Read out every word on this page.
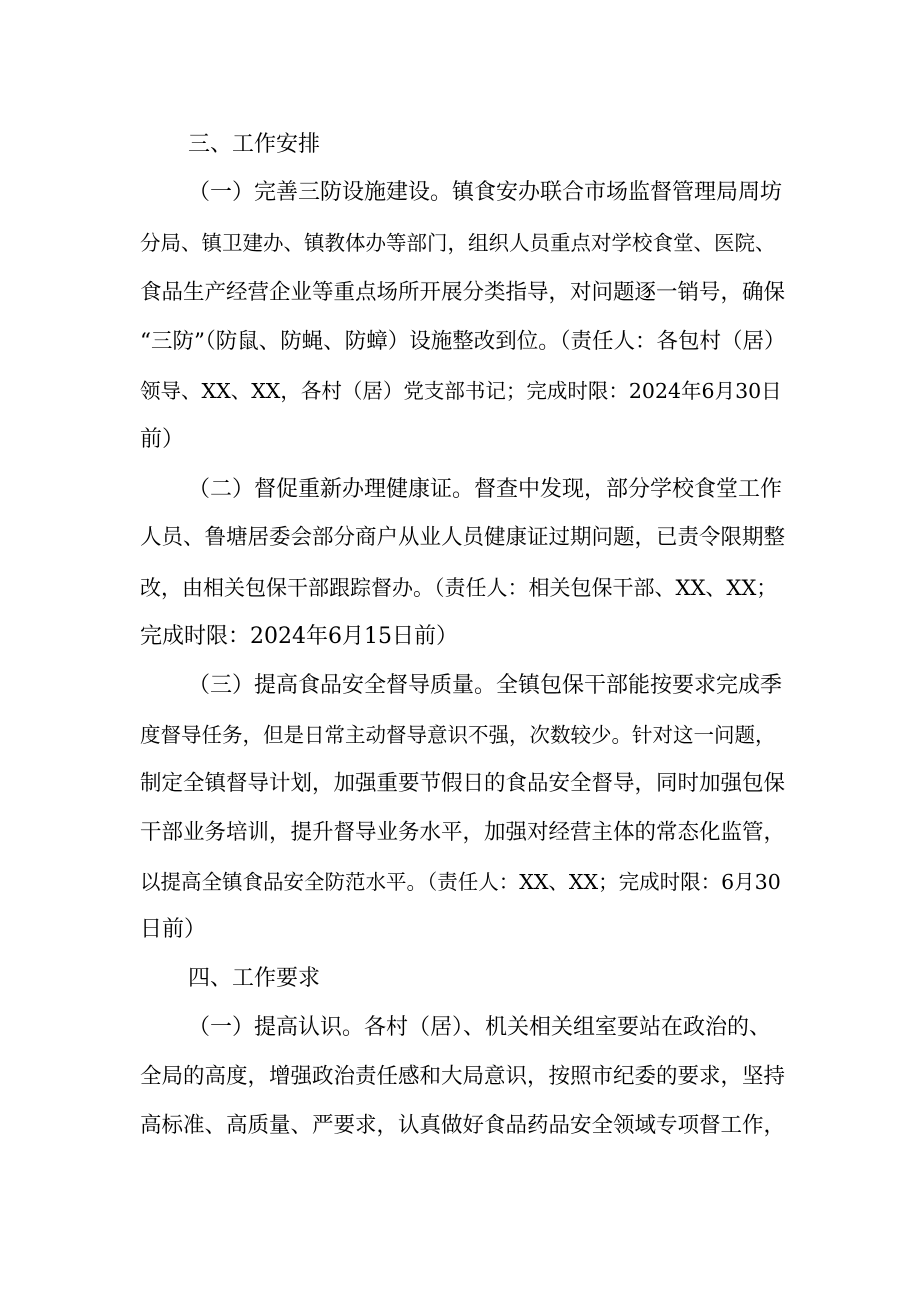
三、工作安排
（一）完善三防设施建设。镇食安办联合市场监督管理局周坊
分局、镇卫建办、镇教体办等部门，组织人员重点对学校食堂、医院、
食品生产经营企业等重点场所开展分类指导，对问题逐一销号，确保
“三防”（防鼠、防蝇、防蟑）设施整改到位。（责任人：各包村（居）
领导、XX、XX，各村（居）党支部书记；完成时限：2024年6月30日
前）
（二）督促重新办理健康证。督查中发现，部分学校食堂工作
人员、鲁塘居委会部分商户从业人员健康证过期问题，已责令限期整
改，由相关包保干部跟踪督办。（责任人：相关包保干部、XX、XX；
完成时限：2024年6月15日前）
（三）提高食品安全督导质量。全镇包保干部能按要求完成季
度督导任务，但是日常主动督导意识不强，次数较少。针对这一问题，
制定全镇督导计划，加强重要节假日的食品安全督导，同时加强包保
干部业务培训，提升督导业务水平，加强对经营主体的常态化监管，
以提高全镇食品安全防范水平。（责任人：XX、XX；完成时限：6月30
日前）
四、工作要求
（一）提高认识。各村（居）、机关相关组室要站在政治的、
全局的高度，增强政治责任感和大局意识，按照市纪委的要求，坚持
高标准、高质量、严要求，认真做好食品药品安全领域专项督工作，
